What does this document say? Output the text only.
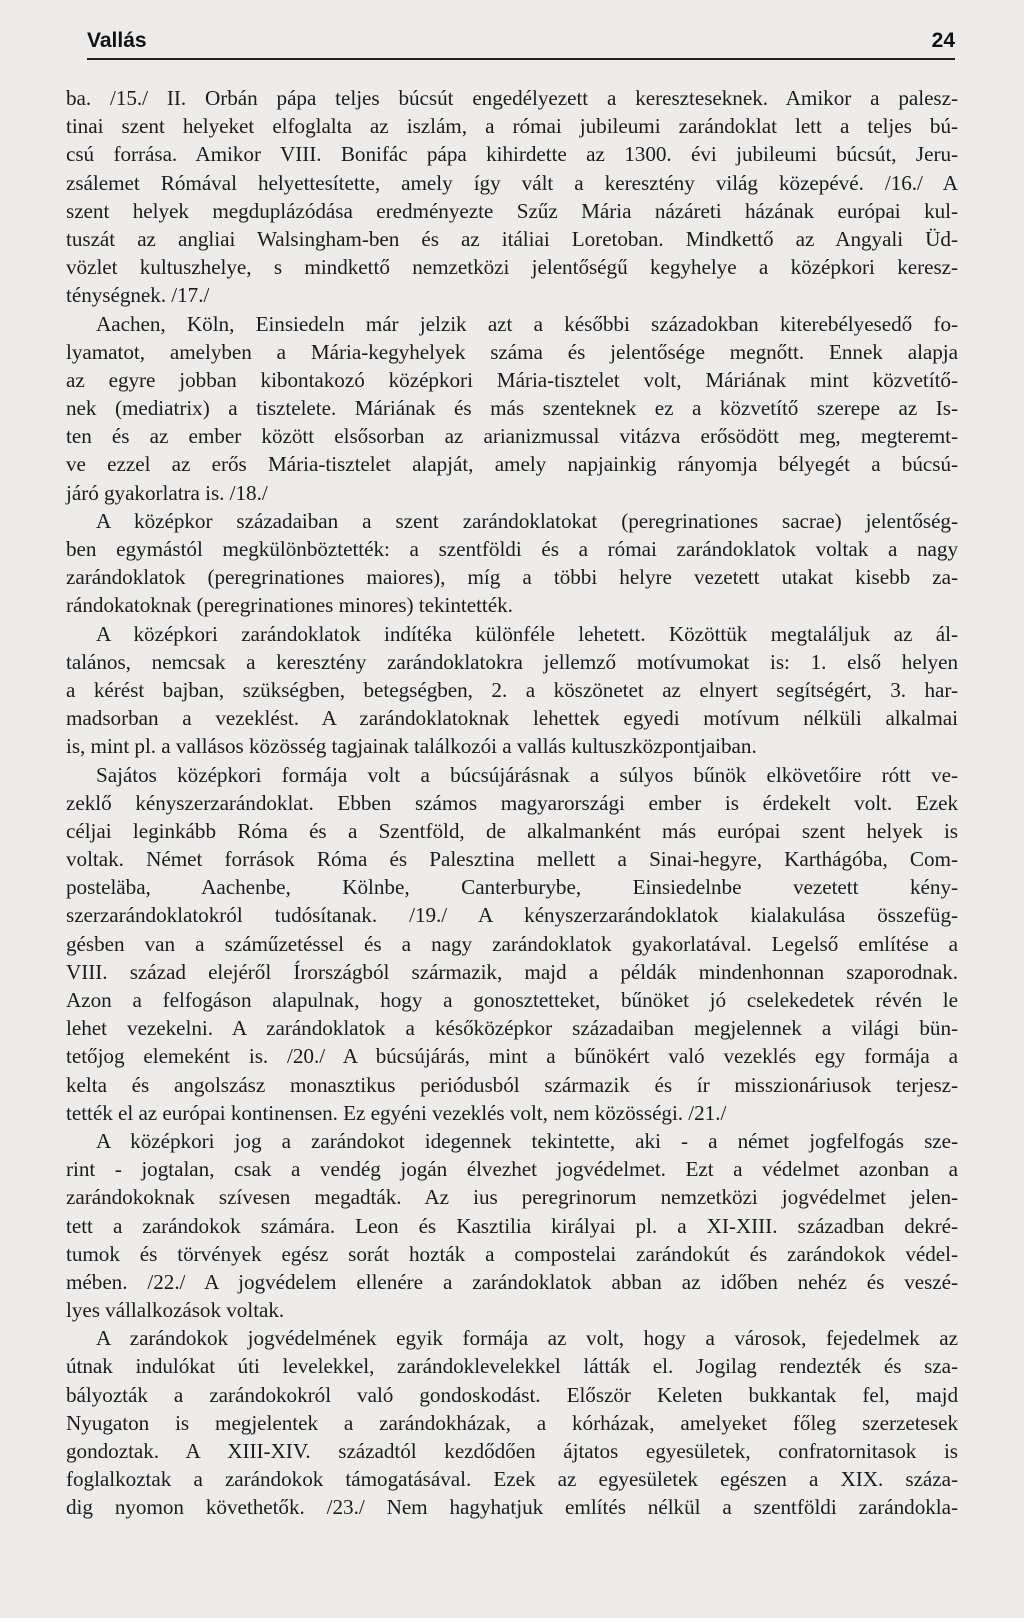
Vallás	24
ba. /15./ II. Orbán pápa teljes búcsút engedélyezett a kereszteseknek. Amikor a palesz-
tinai szent helyeket elfoglalta az iszlám, a római jubileumi zarándoklat lett a teljes bú-
csú forrása. Amikor VIII. Bonifác pápa kihirdette az 1300. évi jubileumi búcsút, Jeru-
zsálemet Rómával helyettesítette, amely így vált a keresztény világ közepévé. /16./ A
szent helyek megduplázódása eredményezte Szűz Mária názáreti házának európai kul-
tuszát az angliai Walsingham-ben és az itáliai Loretoban. Mindkettő az Angyali Üd-
vözlet kultuszhelye, s mindkettő nemzetközi jelentőségű kegyhelye a középkori keresz-
ténységnek. /17./
Aachen, Köln, Einsiedeln már jelzik azt a későbbi századokban kiterebélyesedő fo-
lyamatot, amelyben a Mária-kegyhelyek száma és jelentősége megnőtt. Ennek alapja
az egyre jobban kibontakozó középkori Mária-tisztelet volt, Máriának mint közvetítő-
nek (mediatrix) a tisztelete. Máriának és más szenteknek ez a közvetítő szerepe az Is-
ten és az ember között elsősorban az arianizmussal vitázva erősödött meg, megteremt-
ve ezzel az erős Mária-tisztelet alapját, amely napjainkig rányomja bélyegét a búcsú-
járó gyakorlatra is. /18./
A középkor századaiban a szent zarándoklatokat (peregrinationes sacrae) jelentőség-
ben egymástól megkülönböztették: a szentföldi és a római zarándoklatok voltak a nagy
zarándoklatok (peregrinationes maiores), míg a többi helyre vezetett utakat kisebb za-
rándokatoknak (peregrinationes minores) tekintették.
A középkori zarándoklatok indítéka különféle lehetett. Közöttük megtaláljuk az ál-
talános, nemcsak a keresztény zarándoklatokra jellemző motívumokat is: 1. első helyen
a kérést bajban, szükségben, betegségben, 2. a köszönetet az elnyert segítségért, 3. har-
madsorban a vezeklést. A zarándoklatoknak lehettek egyedi motívum nélküli alkalmai
is, mint pl. a vallásos közösség tagjainak találkozói a vallás kultuszközpontjaiban.
Sajátos középkori formája volt a búcsújárásnak a súlyos bűnök elkövetőire rótt ve-
zeklő kényszerzarándoklat. Ebben számos magyarországi ember is érdekelt volt. Ezek
céljai leginkább Róma és a Szentföld, de alkalmanként más európai szent helyek is
voltak. Német források Róma és Palesztina mellett a Sinai-hegyre, Karthágóba, Com-
posteläba, Aachenbe, Kölnbe, Canterburybe, Einsiedelnbe vezetett kény-
szerzarándoklatokról tudósítanak. /19./ A kényszerzarándoklatok kialakulása összefüg-
gésben van a száműzetéssel és a nagy zarándoklatok gyakorlatával. Legelső említése a
VIII. század elejéről Írországból származik, majd a példák mindenhonnan szaporodnak.
Azon a felfogáson alapulnak, hogy a gonosztetteket, bűnöket jó cselekedetek révén le
lehet vezekelni. A zarándoklatok a későközépkor századaiban megjelennek a világi bün-
tetőjog elemeként is. /20./ A búcsújárás, mint a bűnökért való vezeklés egy formája a
kelta és angolszász monasztikus periódusból származik és ír misszionáriusok terjesz-
tették el az európai kontinensen. Ez egyéni vezeklés volt, nem közösségi. /21./
A középkori jog a zarándokot idegennek tekintette, aki - a német jogfelfogás sze-
rint - jogtalan, csak a vendég jogán élvezhet jogvédelmet. Ezt a védelmet azonban a
zarándokoknak szívesen megadták. Az ius peregrinorum nemzetközi jogvédelmet jelen-
tett a zarándokok számára. Leon és Kasztilia királyai pl. a XI-XIII. században dekré-
tumok és törvények egész sorát hozták a compostelai zarándokút és zarándokok védel-
mében. /22./ A jogvédelem ellenére a zarándoklatok abban az időben nehéz és veszé-
lyes vállalkozások voltak.
A zarándokok jogvédelmének egyik formája az volt, hogy a városok, fejedelmek az
útnak indulókat úti levelekkel, zarándoklevelekkel látták el. Jogilag rendezték és sza-
bályozták a zarándokokról való gondoskodást. Először Keleten bukkantak fel, majd
Nyugaton is megjelentek a zarándokházak, a kórházak, amelyeket főleg szerzetesek
gondoztak. A XIII-XIV. századtól kezdődően ájtatos egyesületek, confratornitasok is
foglalkoztak a zarándokok támogatásával. Ezek az egyesületek egészen a XIX. száza-
dig nyomon követhetők. /23./ Nem hagyhatjuk említés nélkül a szentföldi zarándokla-
